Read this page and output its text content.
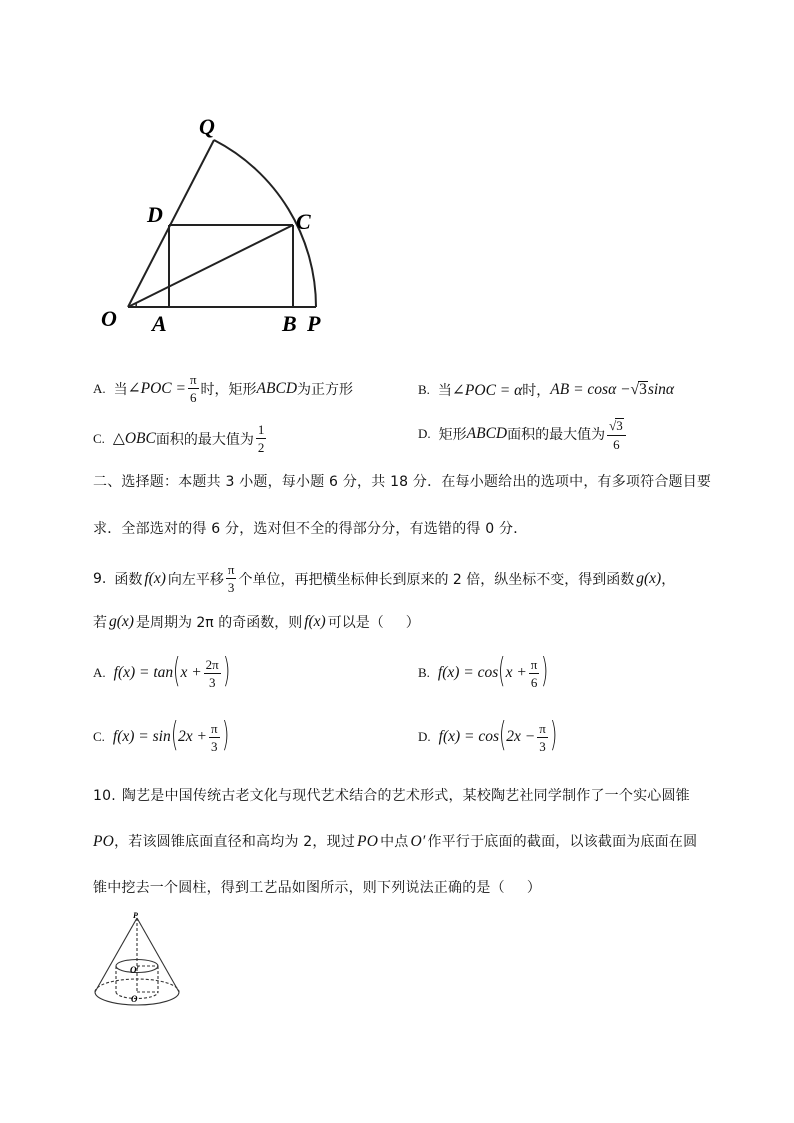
Q
D	C
O A	B P
A. 当 ∠POC = $\frac{\pi}{6}$ 时，矩形 ABCD 为正方形	B. 当 ∠POC = α 时， AB = cosα − √ 3 sinα
C. △OBC 面积的最大值为 $\frac{1}{2}$	D. 矩形 ABCD 面积的最大值为 $\frac{√3}{6}$
二、选择题：本题共 3 小题，每小题 6 分，共 18 分．在每小题给出的选项中，有多项符合题目要
求．全部选对的得 6 分，选对但不全的得部分分，有选错的得 0 分．
9. 函数 f(x) 向左平移 $\frac{\pi}{3}$ 个单位，再把横坐标伸长到原来的 2 倍，纵坐标不变，得到函数 g(x) ，
若 g(x) 是周期为 2π 的奇函数，则 f(x) 可以是（ ）
A. f(x) = tan ( $x + \frac{2\pi}{3}$ )	B. f(x) = cos ( $x + \frac{\pi}{6}$ )
C. f(x) = sin ( $2x + \frac{\pi}{3}$ )	D. f(x) = cos ( $2x - \frac{\pi}{3}$ )
10. 陶艺是中国传统古老文化与现代艺术结合的艺术形式，某校陶艺社同学制作了一个实心圆锥
PO，若该圆锥底面直径和高均为 2，现过 PO 中点 O′ 作平行于底面的截面，以该截面为底面在圆
锥中挖去一个圆柱，得到工艺品如图所示，则下列说法正确的是（ ）
P
O′
O
